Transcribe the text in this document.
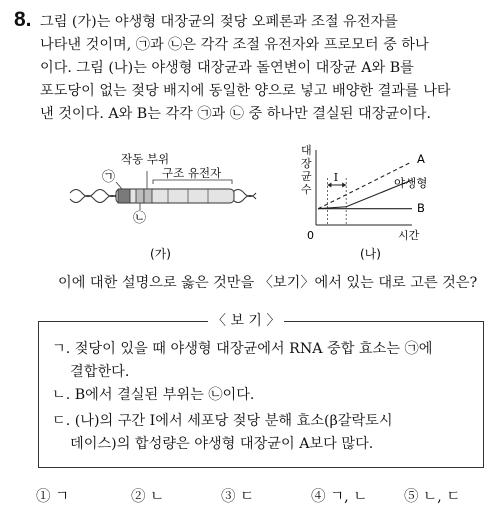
8. 그림 (가)는 야생형 대장균의 젖당 오페론과 조절 유전자를
나타낸 것이며, ㉠과 ㉡은 각각 조절 유전자와 프로모터 중 하나
이다. 그림 (나)는 야생형 대장균과 돌연변이 대장균 A와 B를
포도당이 없는 젖당 배지에 동일한 양으로 넣고 배양한 결과를 나타
낸 것이다. A와 B는 각각 ㉠과 ㉡ 중 하나만 결실된 대장균이다.
작동 부위
구조 유전자
㉠
㉡
(가)
대
장
균
수
0	시간
Ⅰ
A
야생형
B
(나)
이에 대한 설명으로 옳은 것만을 〈보기〉에서 있는 대로 고른 것은?
〈 보 기 〉
ㄱ. 젖당이 있을 때 야생형 대장균에서 RNA 중합 효소는 ㉠에
결합한다.
ㄴ. B에서 결실된 부위는 ㉡이다.
ㄷ. (나)의 구간 Ⅰ에서 세포당 젖당 분해 효소(β갈락토시
데이스)의 합성량은 야생형 대장균이 A보다 많다.
① ㄱ	② ㄴ	③ ㄷ	④ ㄱ, ㄴ	⑤ ㄴ, ㄷ
